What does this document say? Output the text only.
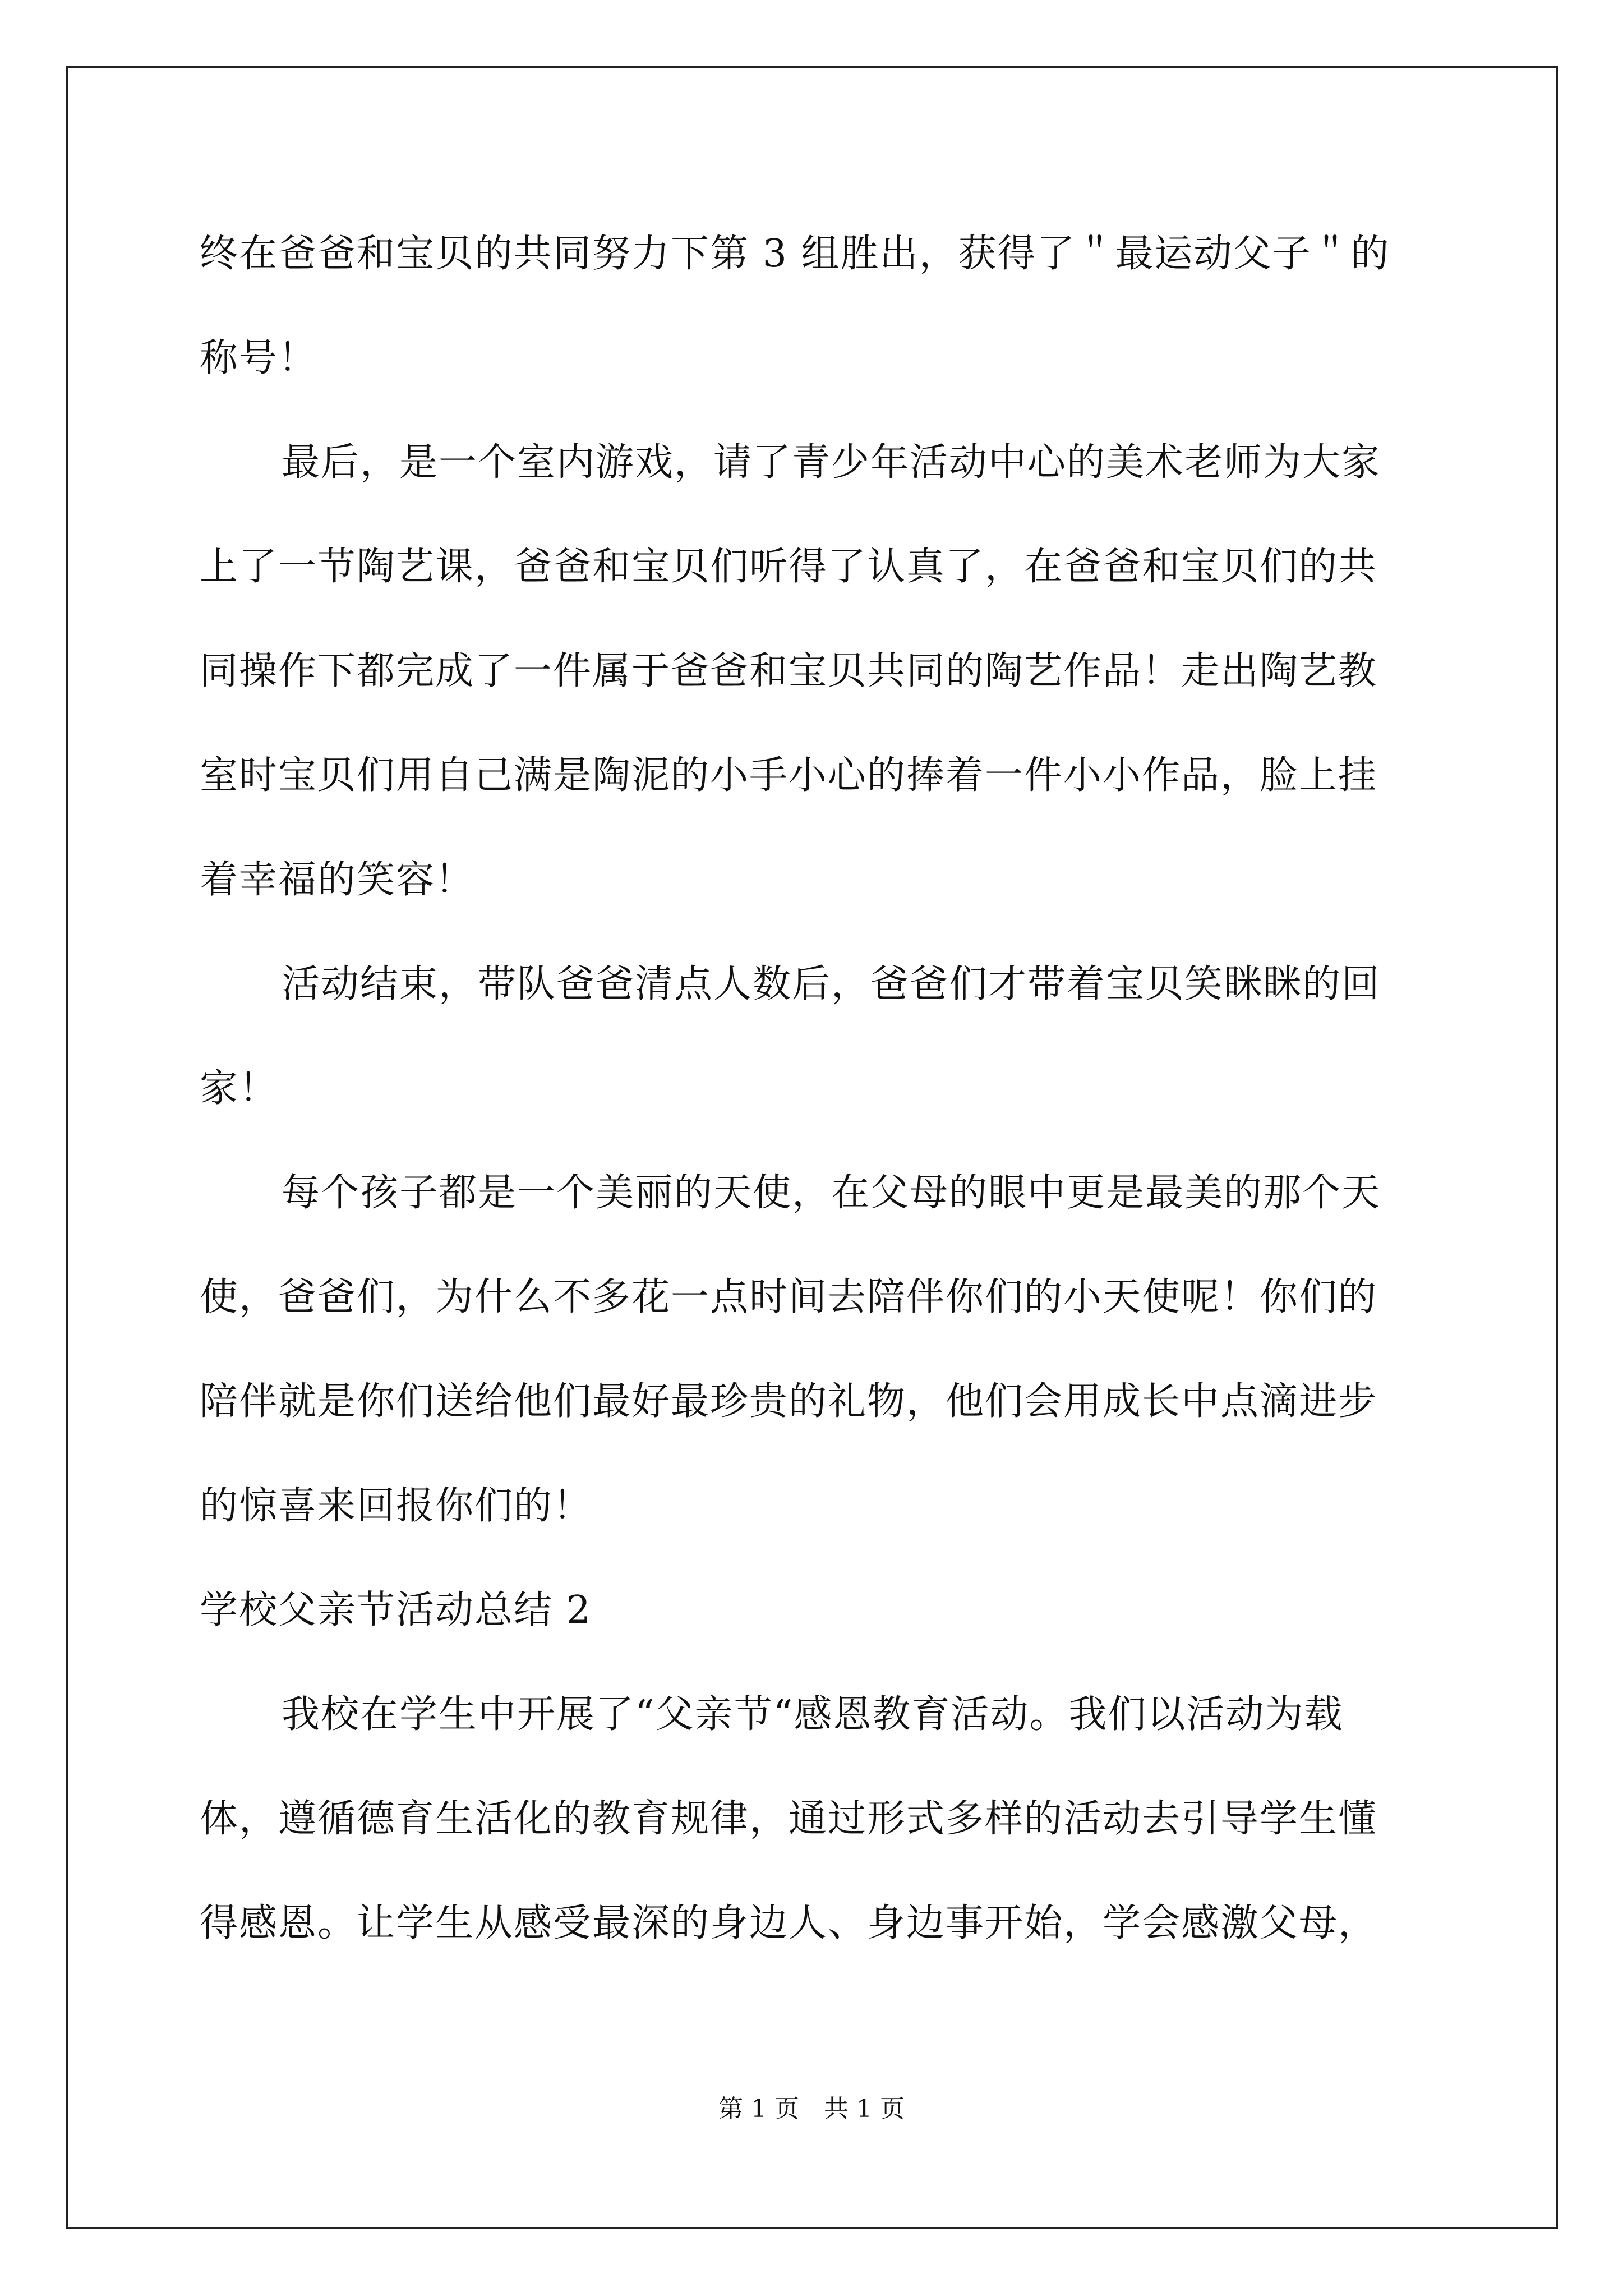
终在爸爸和宝贝的共同努力下第 3 组胜出，获得了＂最运动父子＂的
称号！
最后，是一个室内游戏，请了青少年活动中心的美术老师为大家
上了一节陶艺课，爸爸和宝贝们听得了认真了，在爸爸和宝贝们的共
同操作下都完成了一件属于爸爸和宝贝共同的陶艺作品！走出陶艺教
室时宝贝们用自己满是陶泥的小手小心的捧着一件小小作品，脸上挂
着幸福的笑容！
活动结束，带队爸爸清点人数后，爸爸们才带着宝贝笑眯眯的回
家！
每个孩子都是一个美丽的天使，在父母的眼中更是最美的那个天
使，爸爸们，为什么不多花一点时间去陪伴你们的小天使呢！你们的
陪伴就是你们送给他们最好最珍贵的礼物，他们会用成长中点滴进步
的惊喜来回报你们的！
学校父亲节活动总结 2
我校在学生中开展了“父亲节“感恩教育活动。我们以活动为载
体，遵循德育生活化的教育规律，通过形式多样的活动去引导学生懂
得感恩。让学生从感受最深的身边人、身边事开始，学会感激父母，
第 1 页　共 1 页
